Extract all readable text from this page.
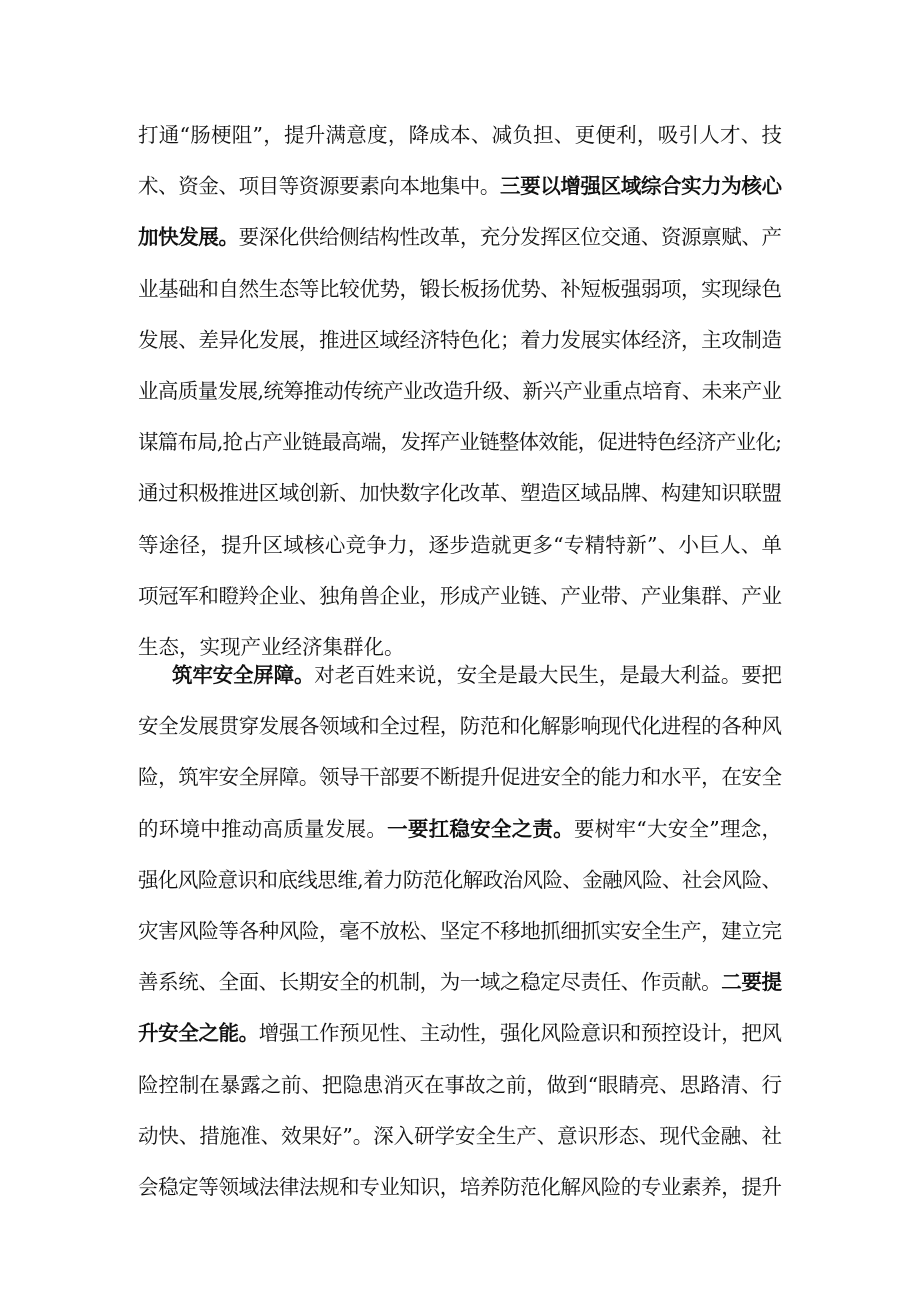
打通“肠梗阻”，提升满意度，降成本、减负担、更便利，吸引人才、技
术、资金、项目等资源要素向本地集中。三要以增强区域综合实力为核心
加快发展。要深化供给侧结构性改革，充分发挥区位交通、资源禀赋、产
业基础和自然生态等比较优势，锻长板扬优势、补短板强弱项，实现绿色
发展、差异化发展，推进区域经济特色化；着力发展实体经济，主攻制造
业高质量发展,统筹推动传统产业改造升级、新兴产业重点培育、未来产业
谋篇布局,抢占产业链最高端，发挥产业链整体效能，促进特色经济产业化;
通过积极推进区域创新、加快数字化改革、塑造区域品牌、构建知识联盟
等途径，提升区域核心竞争力，逐步造就更多“专精特新”、小巨人、单
项冠军和瞪羚企业、独角兽企业，形成产业链、产业带、产业集群、产业
生态，实现产业经济集群化。
筑牢安全屏障。对老百姓来说，安全是最大民生，是最大利益。要把
安全发展贯穿发展各领域和全过程，防范和化解影响现代化进程的各种风
险，筑牢安全屏障。领导干部要不断提升促进安全的能力和水平，在安全
的环境中推动高质量发展。一要扛稳安全之责。要树牢“大安全”理念，
强化风险意识和底线思维,着力防范化解政治风险、金融风险、社会风险、
灾害风险等各种风险，毫不放松、坚定不移地抓细抓实安全生产，建立完
善系统、全面、长期安全的机制，为一域之稳定尽责任、作贡献。二要提
升安全之能。增强工作预见性、主动性，强化风险意识和预控设计，把风
险控制在暴露之前、把隐患消灭在事故之前，做到“眼睛亮、思路清、行
动快、措施准、效果好”。深入研学安全生产、意识形态、现代金融、社
会稳定等领域法律法规和专业知识，培养防范化解风险的专业素养，提升
